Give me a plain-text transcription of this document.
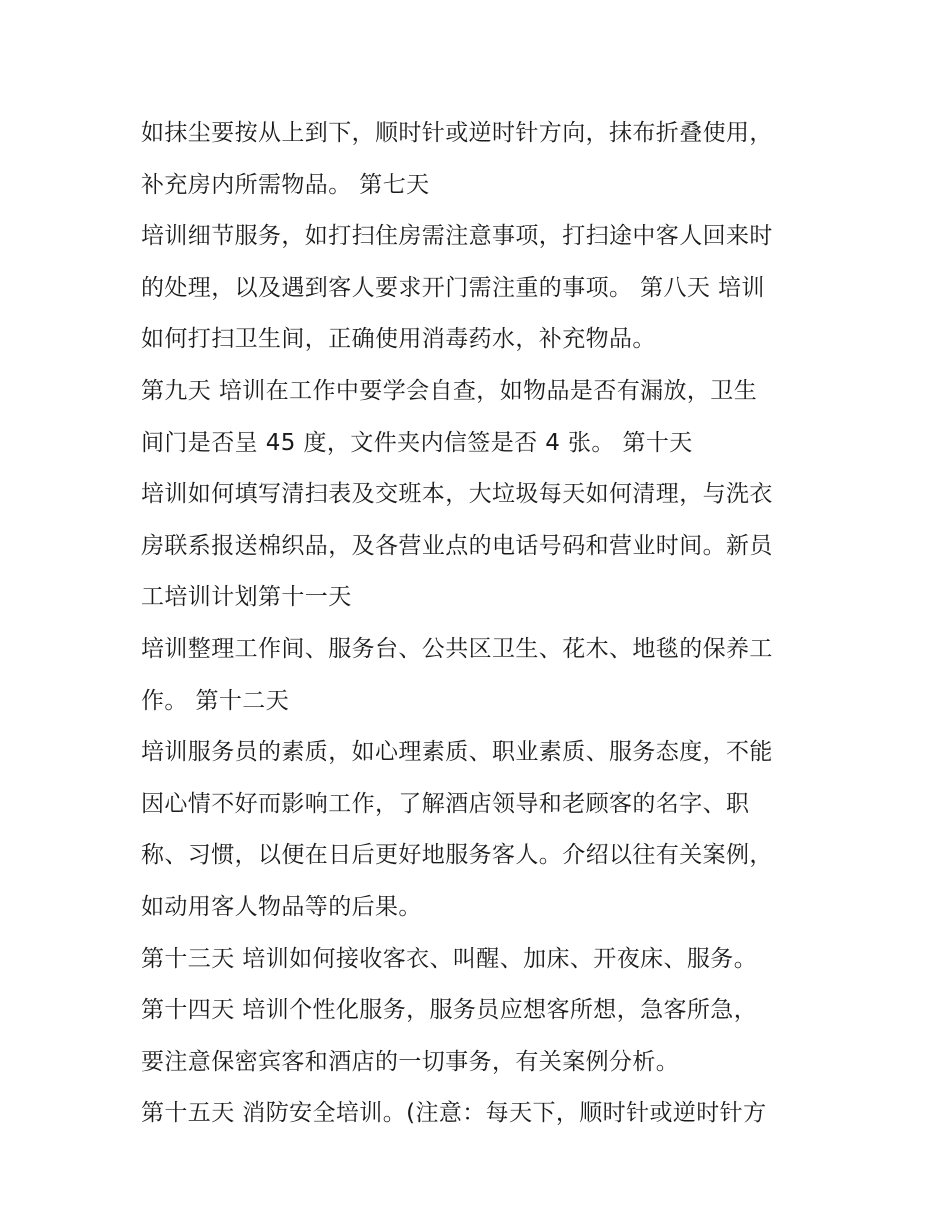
如抹尘要按从上到下，顺时针或逆时针方向，抹布折叠使用，
补充房内所需物品。 第七天
培训细节服务，如打扫住房需注意事项，打扫途中客人回来时
的处理，以及遇到客人要求开门需注重的事项。 第八天 培训
如何打扫卫生间，正确使用消毒药水，补充物品。
第九天 培训在工作中要学会自查，如物品是否有漏放，卫生
间门是否呈 45 度，文件夹内信签是否 4 张。 第十天
培训如何填写清扫表及交班本，大垃圾每天如何清理，与洗衣
房联系报送棉织品，及各营业点的电话号码和营业时间。新员
工培训计划第十一天
培训整理工作间、服务台、公共区卫生、花木、地毯的保养工
作。 第十二天
培训服务员的素质，如心理素质、职业素质、服务态度，不能
因心情不好而影响工作，了解酒店领导和老顾客的名字、职
称、习惯，以便在日后更好地服务客人。介绍以往有关案例，
如动用客人物品等的后果。
第十三天 培训如何接收客衣、叫醒、加床、开夜床、服务。
第十四天 培训个性化服务，服务员应想客所想，急客所急，
要注意保密宾客和酒店的一切事务，有关案例分析。
第十五天 消防安全培训。(注意：每天下，顺时针或逆时针方
